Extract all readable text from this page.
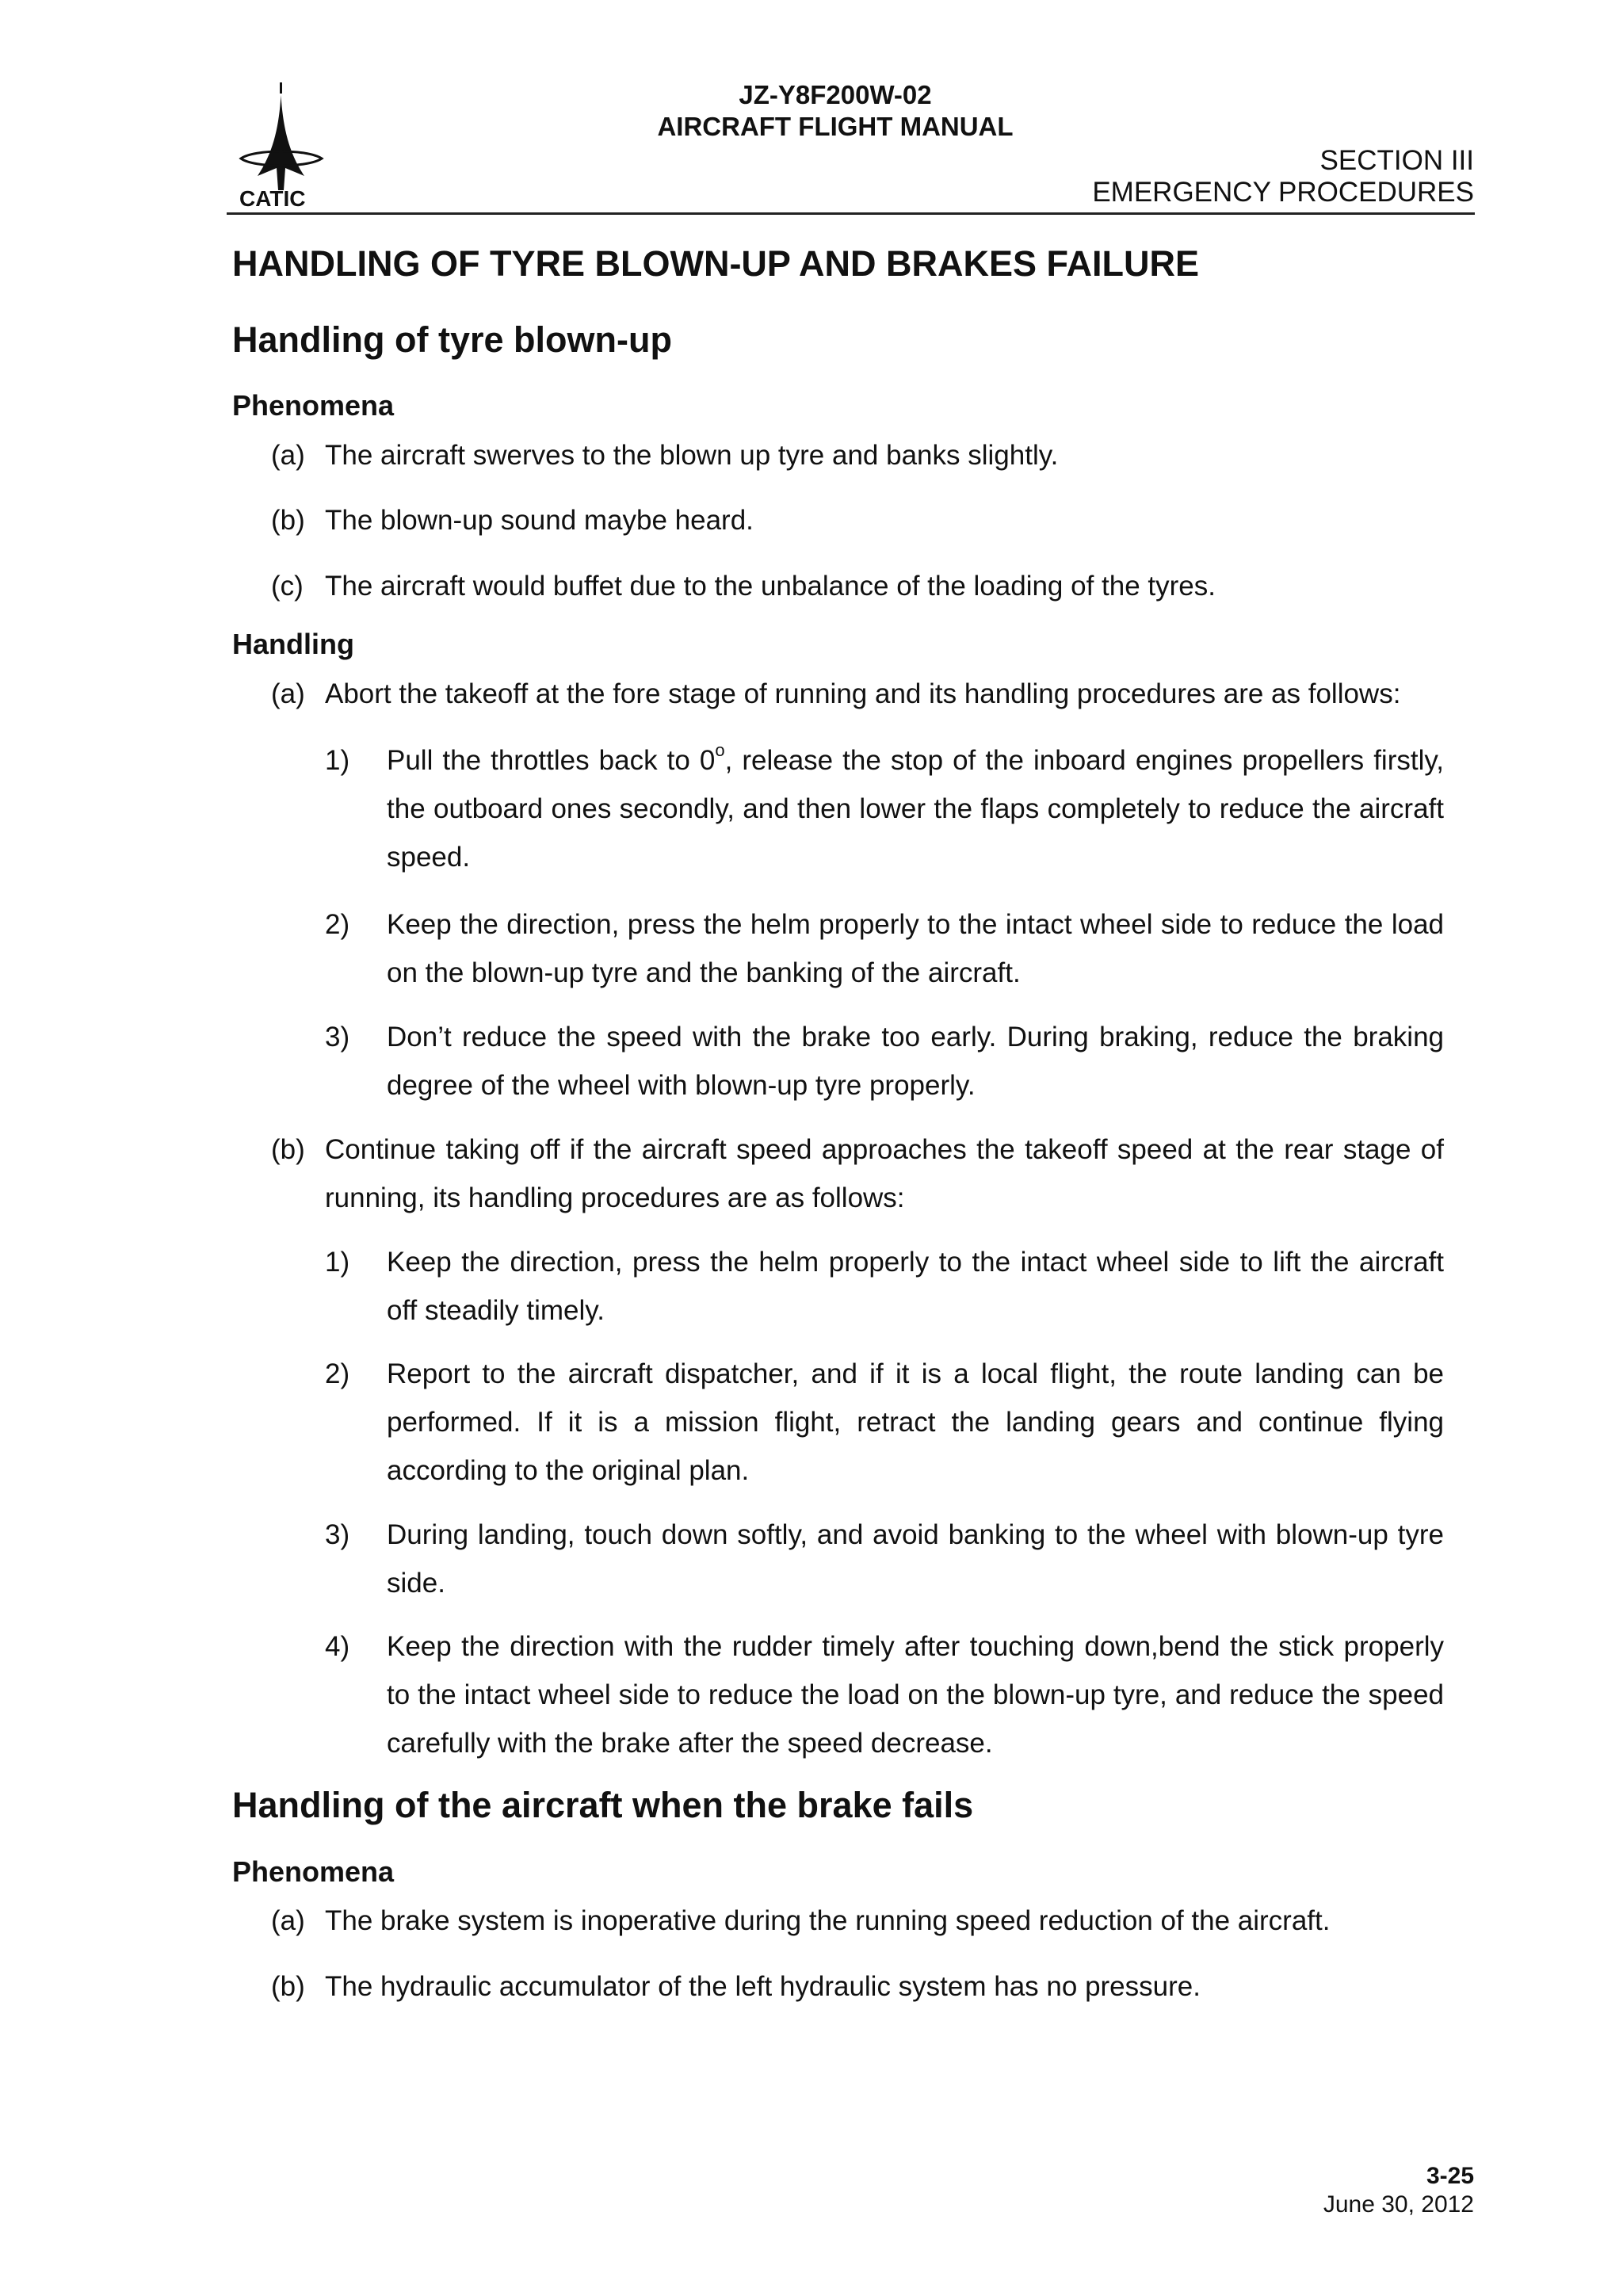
CATIC
JZ-Y8F200W-02
AIRCRAFT FLIGHT MANUAL
SECTION III
EMERGENCY PROCEDURES
HANDLING OF TYRE BLOWN-UP AND BRAKES FAILURE
Handling of tyre blown-up
Phenomena
(a) The aircraft swerves to the blown up tyre and banks slightly.
(b) The blown-up sound maybe heard.
(c) The aircraft would buffet due to the unbalance of the loading of the tyres.
Handling
(a) Abort the takeoff at the fore stage of running and its handling procedures are as follows:
1) Pull the throttles back to 0$^o$, release the stop of the inboard engines propellers firstly, the outboard ones secondly, and then lower the flaps completely to reduce the aircraft speed.
2) Keep the direction, press the helm properly to the intact wheel side to reduce the load on the blown-up tyre and the banking of the aircraft.
3) Don’t reduce the speed with the brake too early. During braking, reduce the braking degree of the wheel with blown-up tyre properly.
(b) Continue taking off if the aircraft speed approaches the takeoff speed at the rear stage of running, its handling procedures are as follows:
1) Keep the direction, press the helm properly to the intact wheel side to lift the aircraft off steadily timely.
2) Report to the aircraft dispatcher, and if it is a local flight, the route landing can be performed. If it is a mission flight, retract the landing gears and continue flying according to the original plan.
3) During landing, touch down softly, and avoid banking to the wheel with blown-up tyre side.
4) Keep the direction with the rudder timely after touching down,bend the stick properly to the intact wheel side to reduce the load on the blown-up tyre, and reduce the speed carefully with the brake after the speed decrease.
Handling of the aircraft when the brake fails
Phenomena
(a) The brake system is inoperative during the running speed reduction of the aircraft.
(b) The hydraulic accumulator of the left hydraulic system has no pressure.
3-25
June 30, 2012
